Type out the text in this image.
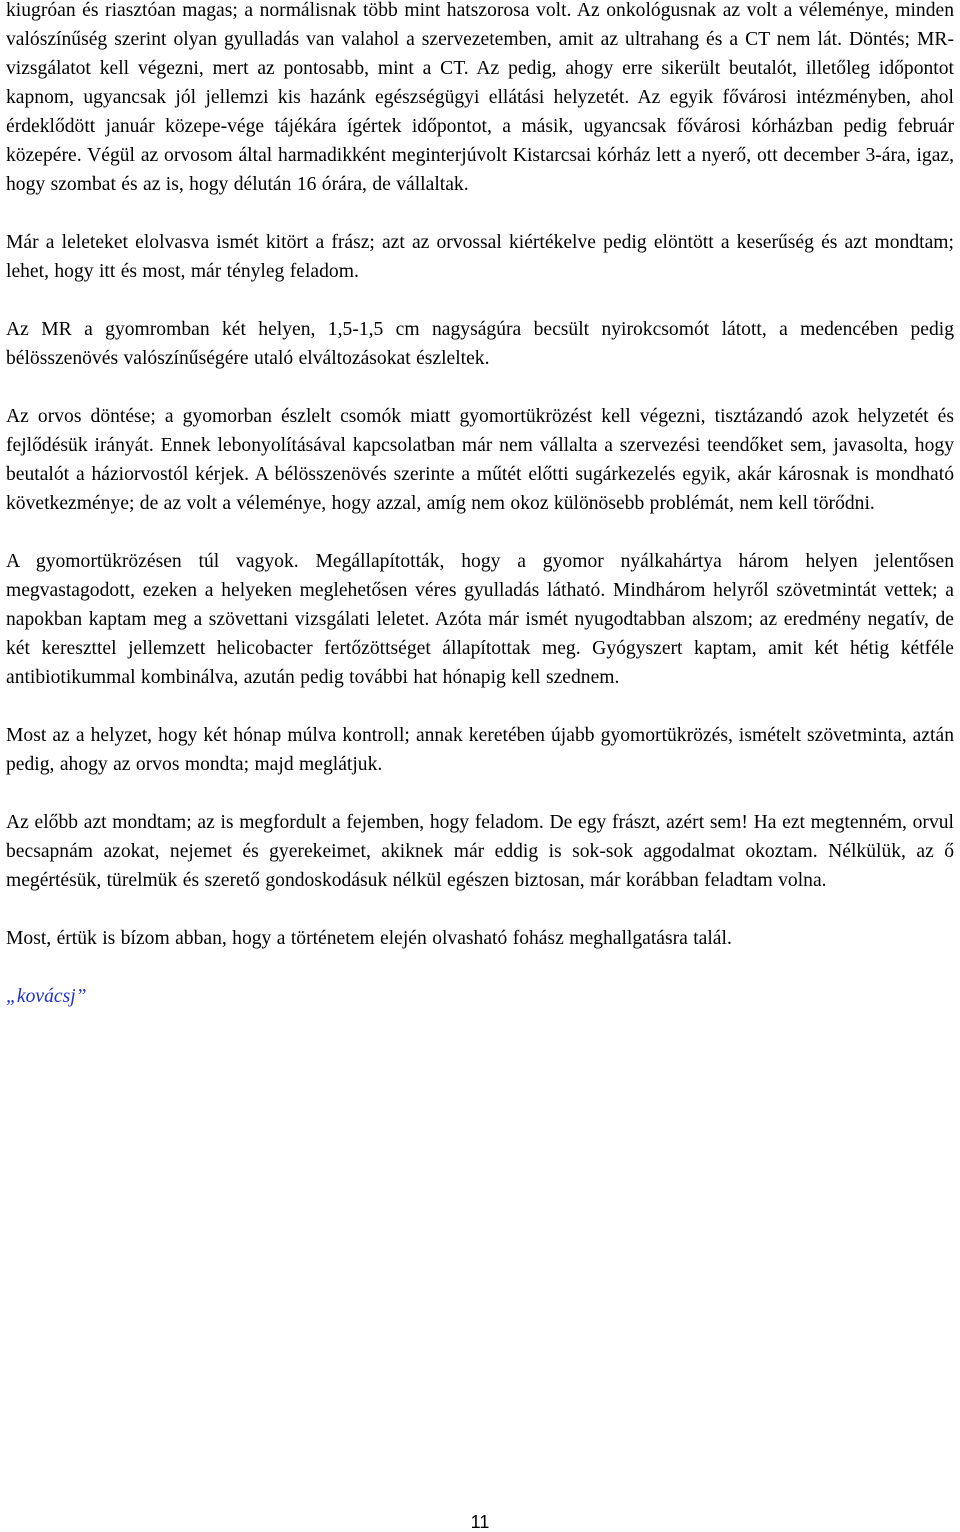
kiugróan és riasztóan magas; a normálisnak több mint hatszorosa volt. Az onkológusnak az volt a véleménye, minden valószínűség szerint olyan gyulladás van valahol a szervezetemben, amit az ultrahang és a CT nem lát. Döntés; MR-vizsgálatot kell végezni, mert az pontosabb, mint a CT. Az pedig, ahogy erre sikerült beutalót, illetőleg időpontot kapnom, ugyancsak jól jellemzi kis hazánk egészségügyi ellátási helyzetét. Az egyik fővárosi intézményben, ahol érdeklődött január közepe-vége tájékára ígértek időpontot, a másik, ugyancsak fővárosi kórházban pedig február közepére. Végül az orvosom által harmadikként meginterjúvolt Kistarcsai kórház lett a nyerő, ott december 3-ára, igaz, hogy szombat és az is, hogy délután 16 órára, de vállaltak.

Már a leleteket elolvasva ismét kitört a frász; azt az orvossal kiértékelve pedig elöntött a keserűség és azt mondtam; lehet, hogy itt és most, már tényleg feladom.

Az MR a gyomromban két helyen, 1,5-1,5 cm nagyságúra becsült nyirokcsomót látott, a medencében pedig bélösszenövés valószínűségére utaló elváltozásokat észleltek.

Az orvos döntése; a gyomorban észlelt csomók miatt gyomortükrözést kell végezni, tisztázandó azok helyzetét és fejlődésük irányát. Ennek lebonyolításával kapcsolatban már nem vállalta a szervezési teendőket sem, javasolta, hogy beutalót a háziorvostól kérjek. A bélösszenövés szerinte a műtét előtti sugárkezelés egyik, akár károsnak is mondható következménye; de az volt a véleménye, hogy azzal, amíg nem okoz különösebb problémát, nem kell törődni.

A gyomortükrözésen túl vagyok. Megállapították, hogy a gyomor nyálkahártya három helyen jelentősen megvastagodott, ezeken a helyeken meglehetősen véres gyulladás látható. Mindhárom helyről szövetmintát vettek; a napokban kaptam meg a szövettani vizsgálati leletet. Azóta már ismét nyugodtabban alszom; az eredmény negatív, de két kereszttel jellemzett helicobacter fertőzöttséget állapítottak meg. Gyógyszert kaptam, amit két hétig kétféle antibiotikummal kombinálva, azután pedig további hat hónapig kell szednem.

Most az a helyzet, hogy két hónap múlva kontroll; annak keretében újabb gyomortükrözés, ismételt szövetminta, aztán pedig, ahogy az orvos mondta; majd meglátjuk.

Az előbb azt mondtam; az is megfordult a fejemben, hogy feladom. De egy frászt, azért sem! Ha ezt megtenném, orvul becsapnám azokat, nejemet és gyerekeimet, akiknek már eddig is sok-sok aggodalmat okoztam. Nélkülük, az ő megértésük, türelmük és szerető gondoskodásuk nélkül egészen biztosan, már korábban feladtam volna.

Most, értük is bízom abban, hogy a történetem elején olvasható fohász meghallgatásra talál.

„kovácsj”

11
